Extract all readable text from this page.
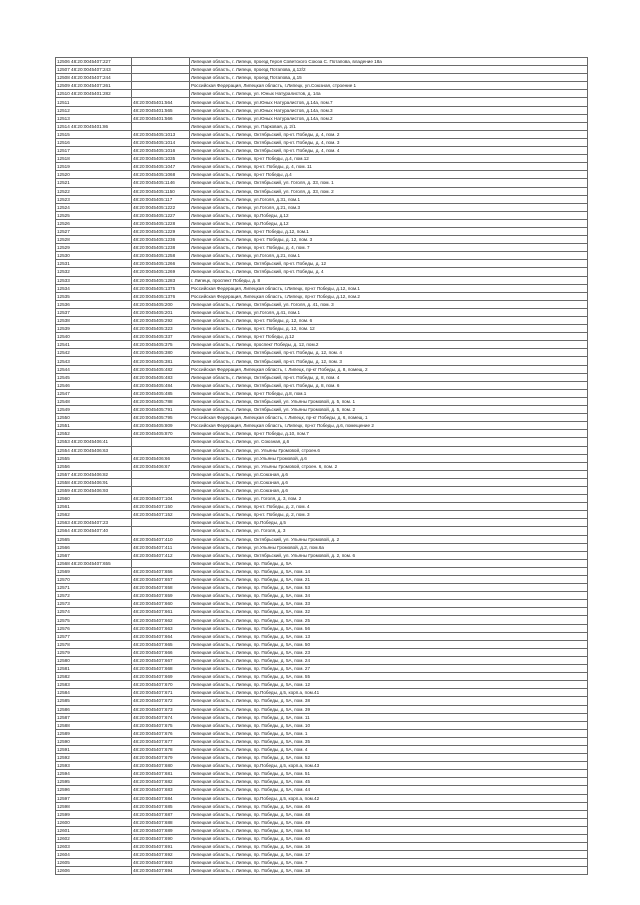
12506 48:20:0045407:227		Липецкая область, г. Липецк, проезд Героя Советского Союза С. Потапова, владение 18а
12507 48:20:0045407:243		Липецкая область, г. Липецк, проезд Потапова, д.12/2
12508 48:20:0045407:244		Липецкая область, г. Липецк, проезд Потапова, д.15
12509 48:20:0045407:261		Российская Федерация, Липецкая область, г.Липецк, ул.Союзная, строение 1
12510 48:20:0045401:282		Липецкая область, г. Липецк, ул. Юных Натуралистов, д. 14а
12511	48:20:0045401:564	Липецкая область, г. Липецк, ул.Юных Натуралистов, д.14а, пом.7
12512	48:20:0045401:565	Липецкая область, г. Липецк, ул.Юных Натуралистов, д.14а, пом.3
12513	48:20:0045401:566	Липецкая область, г. Липецк, ул.Юных Натуралистов, д.14а, пом.2
12514 48:20:0045401:86		Липецкая область, г. Липецк, ул. Парковая, д. 2/1
12515	48:20:0045405:1013	Липецкая область, г. Липецк, Октябрьский, пр-кт. Победы, д. 4, пом. 2
12516	48:20:0045405:1014	Липецкая область, г. Липецк, Октябрьский, пр-кт. Победы, д. 4, пом. 3
12517	48:20:0045405:1016	Липецкая область, г. Липецк, Октябрьский, пр-кт. Победы, д. 4, пом. 4
12518	48:20:0045405:1035	Липецкая область, г. Липецк, пр-кт Победы, д.4, пом.12
12519	48:20:0045405:1047	Липецкая область, г. Липецк, пр-кт. Победы, д. 4, пом. 11
12520	48:20:0045405:1068	Липецкая область, г. Липецк, пр-кт Победы, д.4
12521	48:20:0045405:1146	Липецкая область, г. Липецк, Октябрьский, ул. Гоголя, д. 33, пом. 1
12522	48:20:0045405:1150	Липецкая область, г. Липецк, Октябрьский, ул. Гоголя, д. 33, пом. 2
12523	48:20:0045405:117	Липецкая область, г. Липецк, ул.Гоголя, д.31, пом.1
12524	48:20:0045405:1222	Липецкая область, г. Липецк, ул.Гоголя, д.21, пом.3
12525	48:20:0045405:1227	Липецкая область, г. Липецк, пр.Победы, д.12
12526	48:20:0045405:1228	Липецкая область, г. Липецк, пр.Победы, д.12
12527	48:20:0045405:1229	Липецкая область, г. Липецк, пр-кт Победы, д.12, пом.1
12528	48:20:0045405:1236	Липецкая область, г. Липецк, пр-кт. Победы, д. 12, пом. 3
12529	48:20:0045405:1238	Липецкая область, г. Липецк, пр-кт. Победы, д. 4, пом. 7
12530	48:20:0045405:1258	Липецкая область, г. Липецк, ул.Гоголя, д.21, пом.1
12531	48:20:0045405:1266	Липецкая область, г. Липецк, Октябрьский, пр-кт. Победы, д. 12
12532	48:20:0045405:1269	Липецкая область, г. Липецк, Октябрьский, пр-кт. Победы, д. 4
12533	48:20:0045405:1283	г. Липецк, проспект Победы, д. 8
12534	48:20:0045405:1375	Российская Федерация, Липецкая область, г.Липецк, пр-кт Победы, д.12, пом.1
12535	48:20:0045405:1376	Российская Федерация, Липецкая область, г.Липецк, пр-кт Победы, д.12, пом.2
12536	48:20:0045405:200	Липецкая область, г. Липецк, Октябрьский, ул. Гоголя, д. 41, пом. 3
12537	48:20:0045405:201	Липецкая область, г. Липецк, ул.Гоголя, д.41, пом.1
12538	48:20:0045405:292	Липецкая область, г. Липецк, пр-кт. Победы, д. 12, пом. 6
12539	48:20:0045405:323	Липецкая область, г. Липецк, пр-кт. Победы, д. 12, пом. 12
12540	48:20:0045405:337	Липецкая область, г. Липецк, пр-кт Победы, д.12
12541	48:20:0045405:375	Липецкая область, г. Липецк, проспект Победы, д. 12, пом.2
12542	48:20:0045405:380	Липецкая область, г. Липецк, Октябрьский, пр-кт. Победы, д. 12, пом. 4
12543	48:20:0045405:381	Липецкая область, г. Липецк, Октябрьский, пр-кт. Победы, д. 12, пом. 3
12544	48:20:0045405:482	Российская Федерация, Липецкая область, г. Липецк, пр-кт Победы, д. 8, помещ. 2
12545	48:20:0045405:483	Липецкая область, г. Липецк, Октябрьский, пр-кт. Победы, д. 8, пом. 4
12546	48:20:0045405:484	Липецкая область, г. Липецк, Октябрьский, пр-кт. Победы, д. 8, пом. 6
12547	48:20:0045405:485	Липецкая область, г. Липецк, пр-кт Победы, д.8, пом.1
12548	48:20:0045405:788	Липецкая область, г. Липецк, Октябрьский, ул. Ульяны Громовой, д. 5, пом. 1
12549	48:20:0045405:791	Липецкая область, г. Липецк, Октябрьский, ул. Ульяны Громовой, д. 5, пом. 2
12550	48:20:0045405:795	Российская Федерация, Липецкая область, г. Липецк, пр-кт Победы, д. 6, помещ. 1
12551	48:20:0045405:809	Российская Федерация, Липецкая область, г.Липецк, пр-кт Победы, д.6, помещение 2
12552	48:20:0045405:870	Липецкая область, г. Липецк, пр-кт Победы, д.10, пом.7
12553 48:20:0045406:41		Липецкая область, г. Липецк, ул. Союзная, д.6
12554 48:20:0045406:63		Липецкая область, г. Липецк, ул. Ульяны Громовой, строен.6
12555	48:20:0045406:66	Липецкая область, г. Липецк, ул.Ульяны Громовой, д.6
12556	48:20:0045406:67	Липецкая область, г. Липецк, ул. Ульяны Громовой, строен. 6, пом. 2
12557 48:20:0045406:82		Липецкая область, г. Липецк, ул.Союзная, д.6
12558 48:20:0045406:91		Липецкая область, г. Липецк, ул.Союзная, д.6
12559 48:20:0045406:93		Липецкая область, г. Липецк, ул.Союзная, д.6
12560	48:20:0045407:104	Липецкая область, г. Липецк, ул. Гоголя, д. 3, пом. 2
12561	48:20:0045407:150	Липецкая область, г. Липецк, пр-кт. Победы, д. 2, пом. 4
12562	48:20:0045407:152	Липецкая область, г. Липецк, пр-кт. Победы, д. 2, пом. 3
12563 48:20:0045407:23		Липецкая область, г. Липецк, пр.Победы, д.5
12564 48:20:0045407:40		Липецкая область, г. Липецк, ул. Гоголя, д. 3
12565	48:20:0045407:410	Липецкая область, г. Липецк, Октябрьский, ул. Ульяны Громовой, д. 2
12566	48:20:0045407:411	Липецкая область, г. Липецк, ул.Ульяны Громовой, д.2, пом.6а
12567	48:20:0045407:412	Липецкая область, г. Липецк, Октябрьский, ул. Ульяны Громовой, д. 2, пом. 6
12568 48:20:0045407:655		Липецкая область, г. Липецк, пр. Победы, д. 5А
12569	48:20:0045407:656	Липецкая область, г. Липецк, пр. Победы, д. 5А, пом. 14
12570	48:20:0045407:657	Липецкая область, г. Липецк, пр. Победы, д. 5А, пом. 21
12571	48:20:0045407:658	Липецкая область, г. Липецк, пр. Победы, д. 5А, пом. 53
12572	48:20:0045407:659	Липецкая область, г. Липецк, пр. Победы, д. 5А, пом. 34
12573	48:20:0045407:660	Липецкая область, г. Липецк, пр. Победы, д. 5А, пом. 33
12574	48:20:0045407:661	Липецкая область, г. Липецк, пр. Победы, д. 5А, пом. 32
12575	48:20:0045407:662	Липецкая область, г. Липецк, пр. Победы, д. 5А, пом. 25
12576	48:20:0045407:663	Липецкая область, г. Липецк, пр. Победы, д. 5А, пом. 56
12577	48:20:0045407:664	Липецкая область, г. Липецк, пр. Победы, д. 5А, пом. 13
12578	48:20:0045407:665	Липецкая область, г. Липецк, пр. Победы, д. 5А, пом. 50
12579	48:20:0045407:666	Липецкая область, г. Липецк, пр. Победы, д. 5А, пом. 23
12580	48:20:0045407:667	Липецкая область, г. Липецк, пр. Победы, д. 5А, пом. 24
12581	48:20:0045407:668	Липецкая область, г. Липецк, пр. Победы, д. 5А, пом. 27
12582	48:20:0045407:669	Липецкая область, г. Липецк, пр. Победы, д. 5А, пом. 55
12583	48:20:0045407:670	Липецкая область, г. Липецк, пр. Победы, д. 5А, пом. 12
12584	48:20:0045407:671	Липецкая область, г. Липецк, пр.Победы, д.5, корп.а, пом.41
12585	48:20:0045407:672	Липецкая область, г. Липецк, пр. Победы, д. 5А, пом. 38
12586	48:20:0045407:673	Липецкая область, г. Липецк, пр. Победы, д. 5А, пом. 39
12587	48:20:0045407:674	Липецкая область, г. Липецк, пр. Победы, д. 5А, пом. 11
12588	48:20:0045407:675	Липецкая область, г. Липецк, пр. Победы, д. 5А, пом. 10
12589	48:20:0045407:676	Липецкая область, г. Липецк, пр. Победы, д. 5А, пом. 1
12590	48:20:0045407:677	Липецкая область, г. Липецк, пр. Победы, д. 5А, пом. 35
12591	48:20:0045407:678	Липецкая область, г. Липецк, пр. Победы, д. 5А, пом. 4
12592	48:20:0045407:679	Липецкая область, г. Липецк, пр. Победы, д. 5А, пом. 52
12593	48:20:0045407:680	Липецкая область, г. Липецк, пр.Победы, д.5, корп.а, пом.43
12594	48:20:0045407:681	Липецкая область, г. Липецк, пр. Победы, д. 5А, пом. 51
12595	48:20:0045407:682	Липецкая область, г. Липецк, пр. Победы, д. 5А, пом. 45
12596	48:20:0045407:683	Липецкая область, г. Липецк, пр. Победы, д. 5А, пом. 44
12597	48:20:0045407:684	Липецкая область, г. Липецк, пр.Победы, д.5, корп.а, пом.42
12598	48:20:0045407:685	Липецкая область, г. Липецк, пр. Победы, д. 5А, пом. 46
12599	48:20:0045407:687	Липецкая область, г. Липецк, пр. Победы, д. 5А, пом. 48
12600	48:20:0045407:688	Липецкая область, г. Липецк, пр. Победы, д. 5А, пом. 49
12601	48:20:0045407:689	Липецкая область, г. Липецк, пр. Победы, д. 5А, пом. 54
12602	48:20:0045407:690	Липецкая область, г. Липецк, пр. Победы, д. 5А, пом. 40
12603	48:20:0045407:691	Липецкая область, г. Липецк, пр. Победы, д. 5А, пом. 16
12604	48:20:0045407:692	Липецкая область, г. Липецк, пр. Победы, д. 5А, пом. 17
12605	48:20:0045407:693	Липецкая область, г. Липецк, пр. Победы, д. 5А, пом. 7
12606	48:20:0045407:694	Липецкая область, г. Липецк, пр. Победы, д. 5А, пом. 18
